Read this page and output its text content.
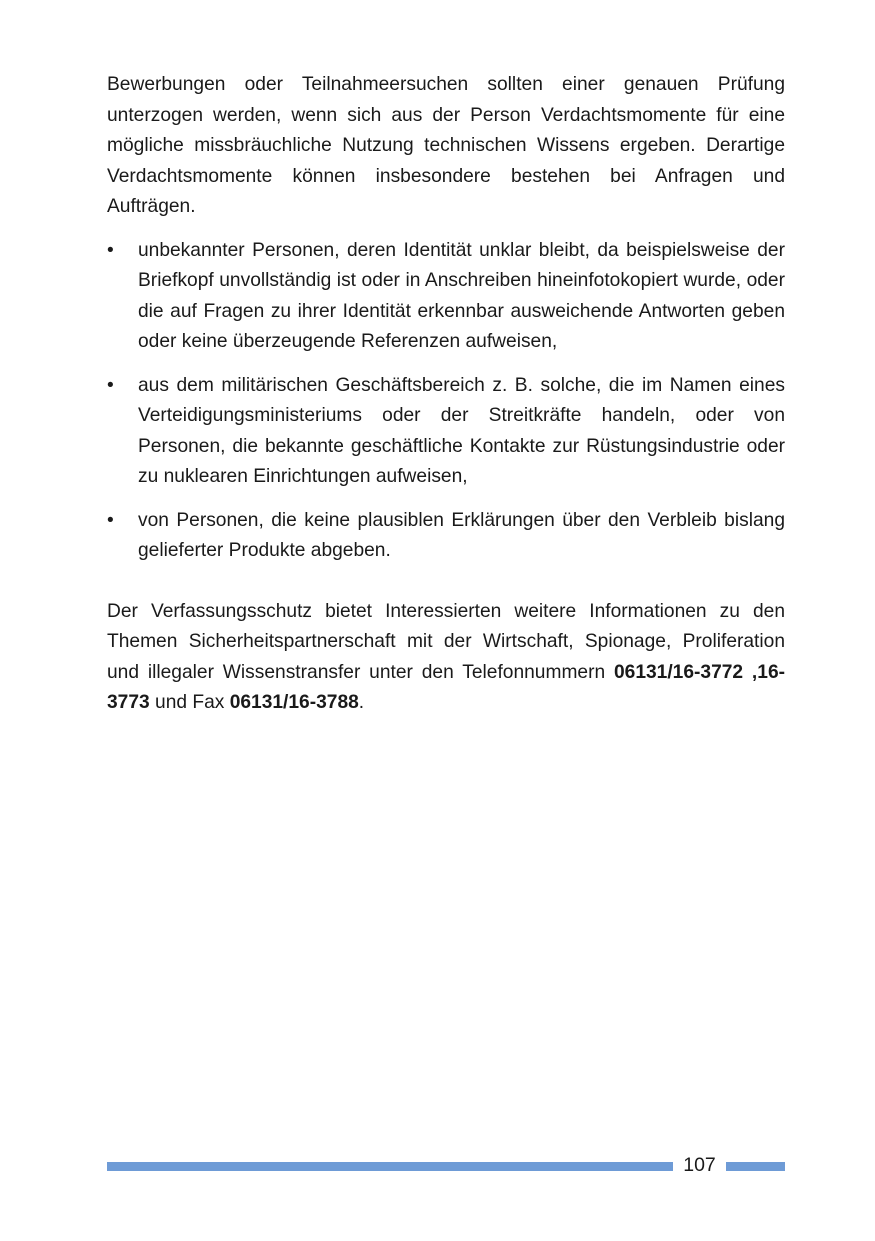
Bewerbungen oder Teilnahmeersuchen sollten einer genauen Prüfung unterzogen werden, wenn sich aus der Person Verdachtsmomente für eine mögliche missbräuchliche Nutzung technischen Wissens ergeben. Derartige Verdachtsmomente können insbesondere bestehen bei Anfragen und Aufträgen.

•	unbekannter Personen, deren Identität unklar bleibt, da beispielsweise der Briefkopf unvollständig ist oder in Anschreiben hineinfotokopiert wurde, oder die auf Fragen zu ihrer Identität erkennbar ausweichende Antworten geben oder keine überzeugende Referenzen aufweisen,
•	aus dem militärischen Geschäftsbereich z. B. solche, die im Namen eines Verteidigungsministeriums oder der Streitkräfte handeln, oder von Personen, die bekannte geschäftliche Kontakte zur Rüstungsindustrie oder zu nuklearen Einrichtungen aufweisen,
•	von Personen, die keine plausiblen Erklärungen über den Verbleib bislang gelieferter Produkte abgeben.

Der Verfassungsschutz bietet Interessierten weitere Informationen zu den Themen Sicherheitspartnerschaft mit der Wirtschaft, Spionage, Proliferation und illegaler Wissenstransfer unter den Telefonnummern 06131/16-3772 ,16-3773 und Fax 06131/16-3788.

107
